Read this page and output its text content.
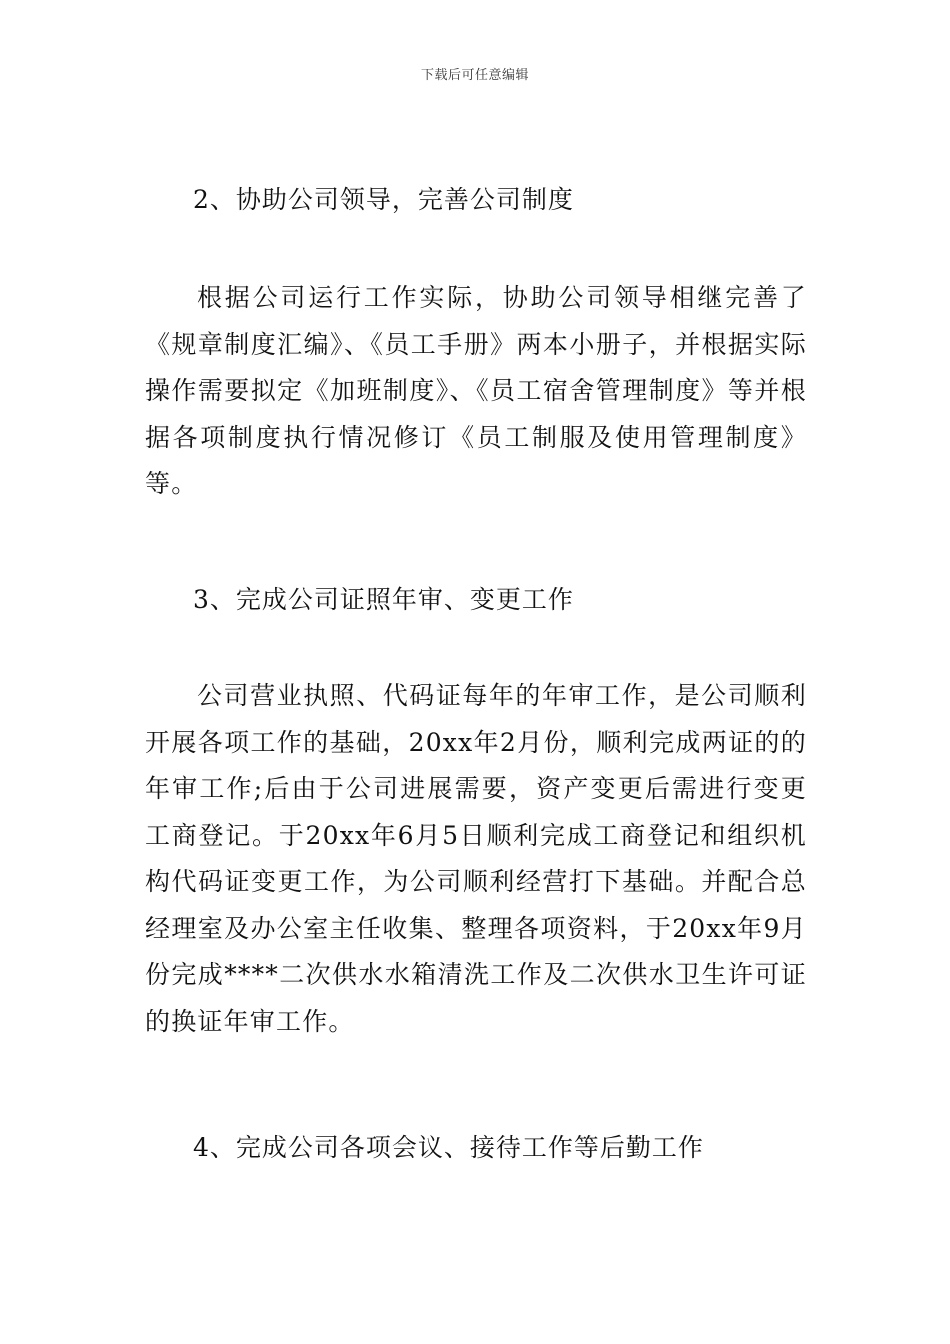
下载后可任意编辑
2、协助公司领导，完善公司制度
根据公司运行工作实际，协助公司领导相继完善了《规章制度汇编》、《员工手册》两本小册子，并根据实际操作需要拟定《加班制度》、《员工宿舍管理制度》等并根据各项制度执行情况修订《员工制服及使用管理制度》等。
3、完成公司证照年审、变更工作
公司营业执照、代码证每年的年审工作，是公司顺利开展各项工作的基础，20xx年2月份，顺利完成两证的的年审工作;后由于公司进展需要，资产变更后需进行变更工商登记。于20xx年6月5日顺利完成工商登记和组织机构代码证变更工作，为公司顺利经营打下基础。并配合总经理室及办公室主任收集、整理各项资料，于20xx年9月份完成****二次供水水箱清洗工作及二次供水卫生许可证的换证年审工作。
4、完成公司各项会议、接待工作等后勤工作
